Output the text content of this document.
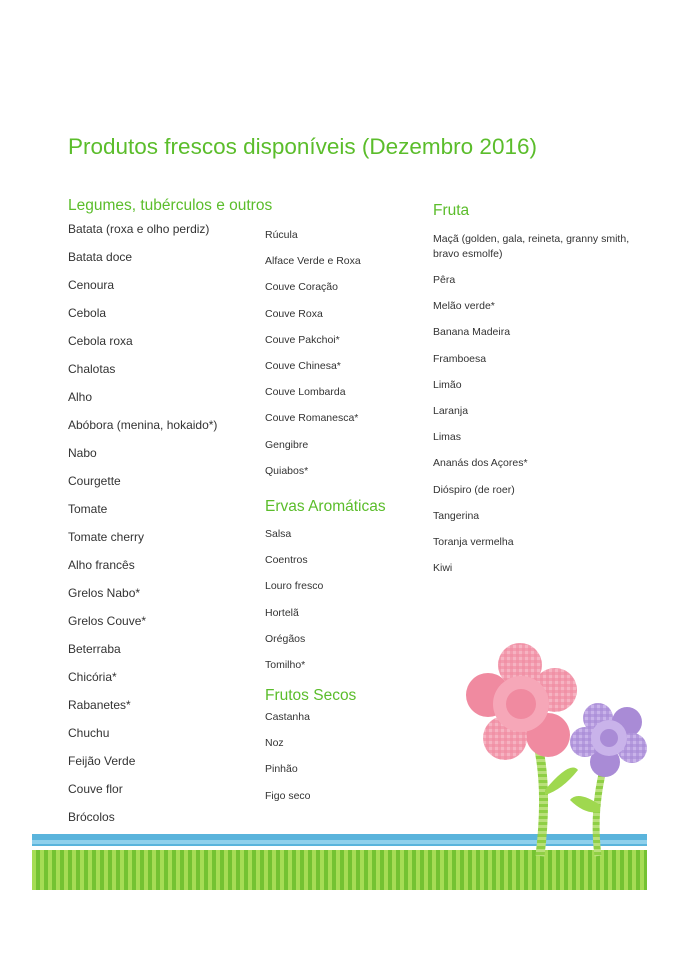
Produtos frescos disponíveis (Dezembro 2016)
Legumes, tubérculos e outros
Batata (roxa e olho perdiz)
Batata doce
Cenoura
Cebola
Cebola roxa
Chalotas
Alho
Abóbora (menina, hokaido*)
Nabo
Courgette
Tomate
Tomate cherry
Alho francês
Grelos Nabo*
Grelos Couve*
Beterraba
Chicória*
Rabanetes*
Chuchu
Feijão Verde
Couve flor
Brócolos
Rúcula
Alface Verde e Roxa
Couve Coração
Couve Roxa
Couve Pakchoi*
Couve Chinesa*
Couve Lombarda
Couve Romanesca*
Gengibre
Quiabos*
Ervas Aromáticas
Salsa
Coentros
Louro fresco
Hortelã
Orégãos
Tomilho*
Frutos Secos
Castanha
Noz
Pinhão
Figo seco
Fruta
Maçã (golden, gala, reineta, granny smith,
bravo esmolfe)
Pêra
Melão verde*
Banana Madeira
Framboesa
Limão
Laranja
Limas
Ananás dos Açores*
Dióspiro (de roer)
Tangerina
Toranja vermelha
Kiwi
